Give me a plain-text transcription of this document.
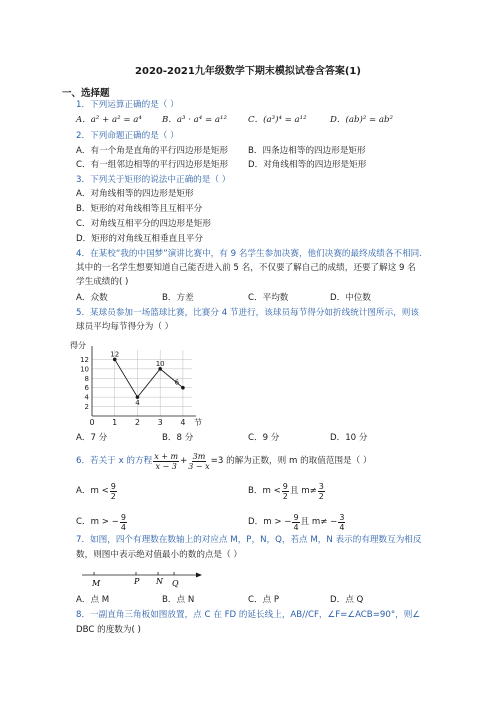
2020-2021九年级数学下期末模拟试卷含答案(1)
一、选择题
1．下列运算正确的是（ ）
A．a² + a² = a⁴ B．a³ · a⁴ = a¹² C．(a³)⁴ = a¹²	D．(ab)² = ab²
2．下列命题正确的是（ ）
A．有一个角是直角的平行四边形是矩形 B．四条边相等的四边形是矩形
C．有一组邻边相等的平行四边形是矩形 D．对角线相等的四边形是矩形
3．下列关于矩形的说法中正确的是（ ）
A．对角线相等的四边形是矩形
B．矩形的对角线相等且互相平分
C．对角线互相平分的四边形是矩形
D．矩形的对角线互相垂直且平分
4．在某校“我的中国梦”演讲比赛中，有 9 名学生参加决赛，他们决赛的最终成绩各不相同.
其中的一名学生想要知道自己能否进入前 5 名，不仅要了解自己的成绩，还要了解这 9 名
学生成绩的( )
A．众数	B．方差	C．平均数	D．中位数
5．某球员参加一场篮球比赛，比赛分 4 节进行，该球员每节得分如折线统计图所示，则该
球员平均每节得分为（ ）
2
4
6
8
10
12
0 1 2 3 4
得分
节
12
4
10
6
A．7 分	B．8 分	C．9 分	D．10 分
6．若关于 x 的方程 $\frac{x + m}{x - 3} + \frac{3m}{3 - x} =3$ 的解为正数，则 m 的取值范围是（ ）
A．$m < \frac{9}{2}$	B．$m < \frac{9}{2}$ 且 $m\ne \frac{3}{2}$
C．m > − $\frac{9}{4}$	D．m > − $\frac{9}{4}$ 且 $m\ne - \frac{3}{4}$
7．如图，四个有理数在数轴上的对应点 M，P，N，Q，若点 M，N 表示的有理数互为相反
数，则图中表示绝对值最小的数的点是（ ）
M	P N Q
A．点 M	B．点 N	C．点 P	D．点 Q
8．一副直角三角板如图放置，点 C 在 FD 的延长线上，AB//CF，∠F=∠ACB=90°，则∠
DBC 的度数为( )
